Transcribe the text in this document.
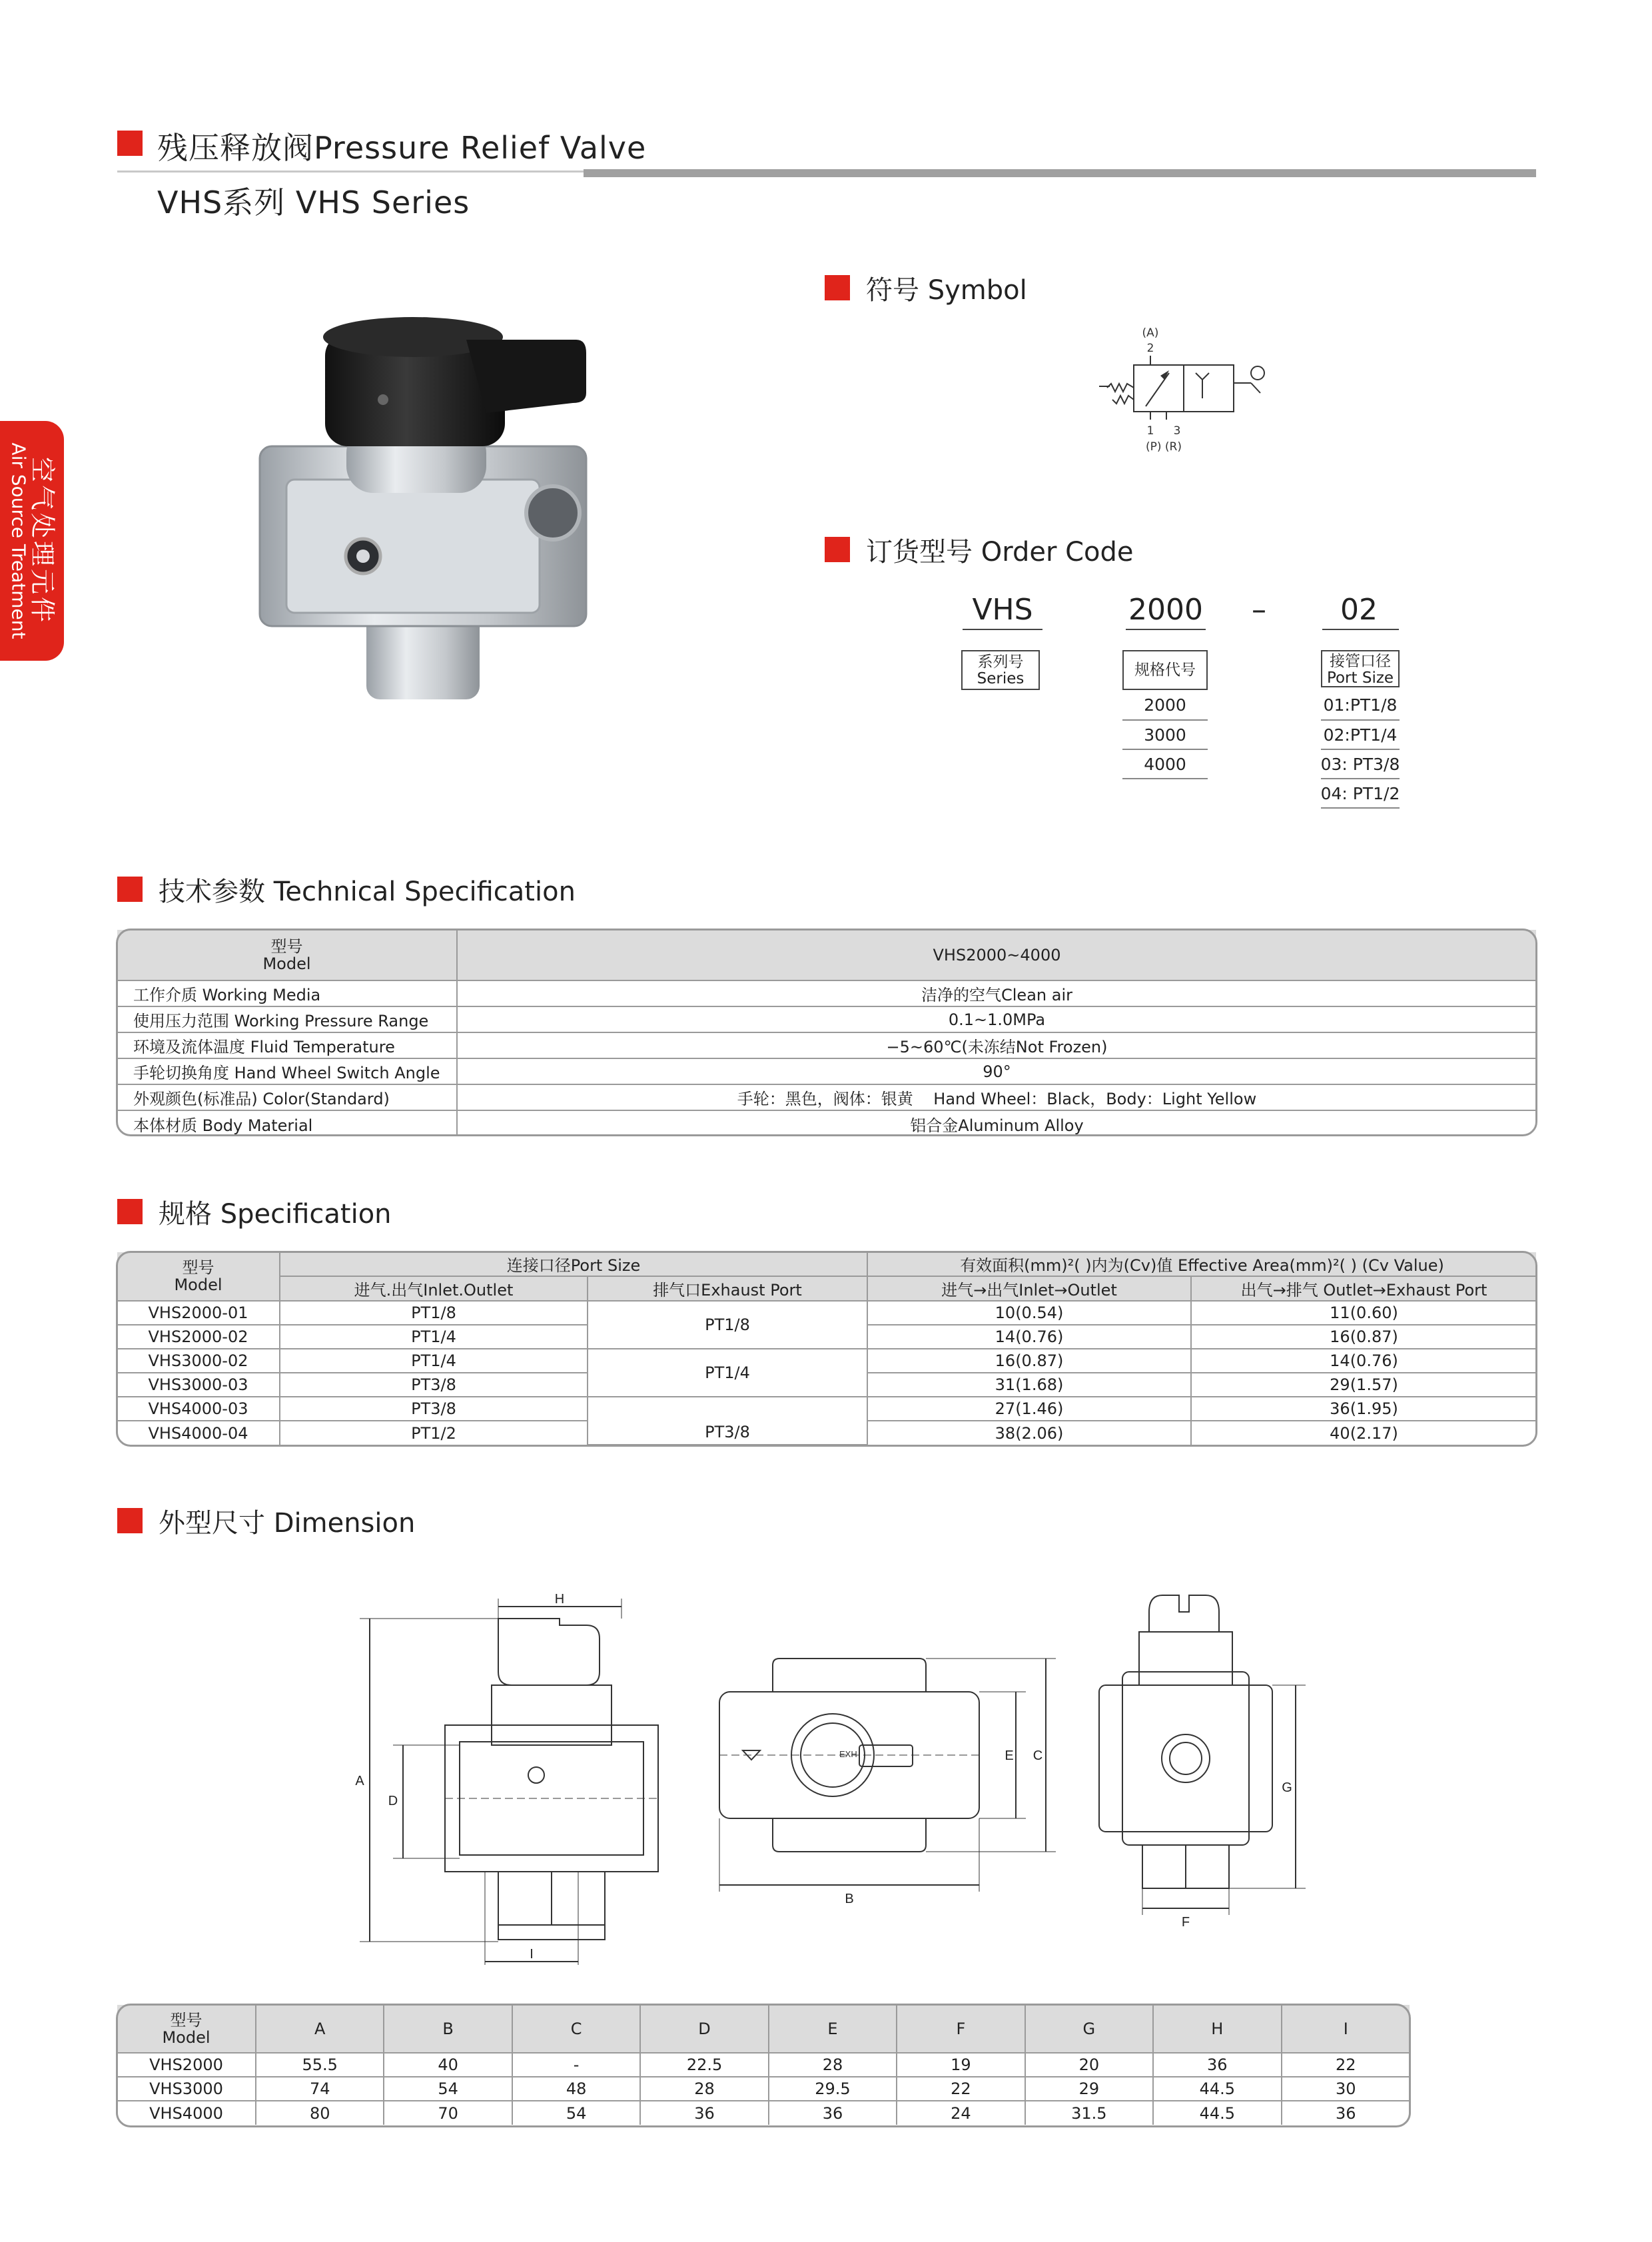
残压释放阀Pressure Relief Valve
VHS系列 VHS Series
空气处理元件
Air Source Treatment
符号 Symbol
(A)
2
1 3
(P) (R)
订货型号 Order Code
VHS	2000	–	02
系列号
Series	规格代号	接管口径
Port Size
2000
3000
4000
01:PT1/8
02:PT1/4
03: PT3/8
04: PT1/2
技术参数 Technical Specification
型号
Model	VHS2000~4000
工作介质 Working Media	洁净的空气Clean air
使用压力范围 Working Pressure Range	0.1~1.0MPa
环境及流体温度 Fluid Temperature	−5~60℃(未冻结Not Frozen)
手轮切换角度 Hand Wheel Switch Angle	90°
外观颜色(标准品) Color(Standard)	手轮：黑色，阀体：银黄    Hand Wheel：Black，Body：Light Yellow
本体材质 Body Material	铝合金Aluminum Alloy
规格 Specification
型号
Model	连接口径Port Size		有效面积(mm)²( )内为(Cv)值 Effective Area(mm)²( ) (Cv Value)	
	进气.出气Inlet.Outlet	排气口Exhaust Port	进气→出气Inlet→Outlet	出气→排气 Outlet→Exhaust Port
VHS2000-01	PT1/8	PT1/8	10(0.54)	11(0.60)
VHS2000-02	PT1/4		14(0.76)	16(0.87)
VHS3000-02	PT1/4	PT1/4	16(0.87)	14(0.76)
VHS3000-03	PT3/8		31(1.68)	29(1.57)
VHS4000-03	PT3/8	PT3/8	27(1.46)	36(1.95)
VHS4000-04	PT1/2		38(2.06)	40(2.17)
外型尺寸 Dimension
H
A
D
I
EXH
B
E C
G
F
型号
Model	A	B	C	D	E	F	G	H	I
VHS2000	55.5	40	-	22.5	28	19	20	36	22
VHS3000	74	54	48	28	29.5	22	29	44.5	30
VHS4000	80	70	54	36	36	24	31.5	44.5	36
